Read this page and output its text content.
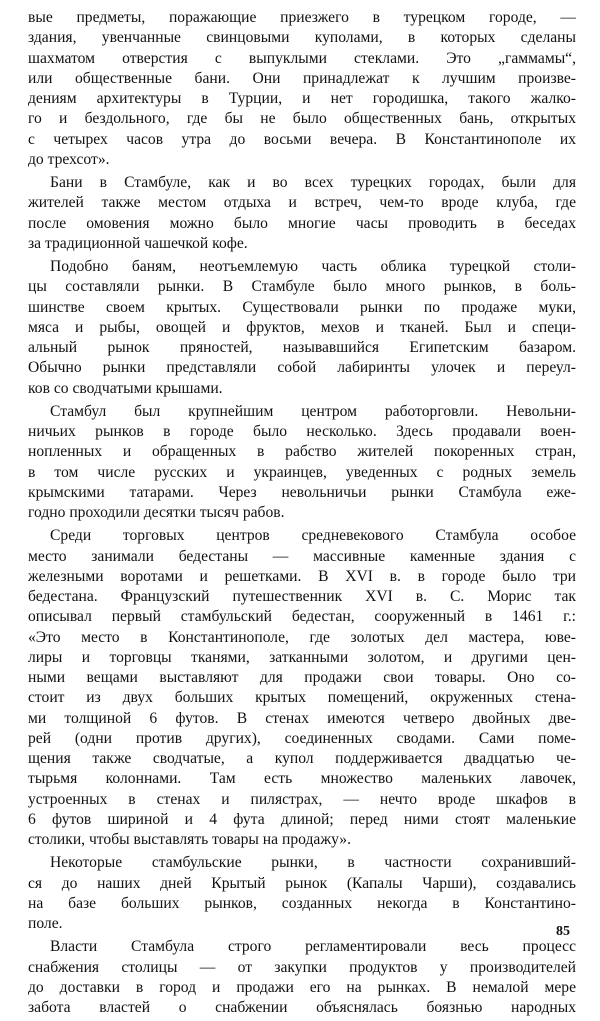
вые предметы, поражающие приезжего в турецком городе, —
здания, увенчанные свинцовыми куполами, в которых сделаны
шахматом отверстия с выпуклыми стеклами. Это „гаммамы“,
или общественные бани. Они принадлежат к лучшим произве-
дениям архитектуры в Турции, и нет городишка, такого жалко-
го и бездольного, где бы не было общественных бань, открытых
с четырех часов утра до восьми вечера. В Константинополе их
до трехсот».
Бани в Стамбуле, как и во всех турецких городах, были для
жителей также местом отдыха и встреч, чем-то вроде клуба, где
после омовения можно было многие часы проводить в беседах
за традиционной чашечкой кофе.
Подобно баням, неотъемлемую часть облика турецкой столи-
цы составляли рынки. В Стамбуле было много рынков, в боль-
шинстве своем крытых. Существовали рынки по продаже муки,
мяса и рыбы, овощей и фруктов, мехов и тканей. Был и специ-
альный рынок пряностей, называвшийся Египетским базаром.
Обычно рынки представляли собой лабиринты улочек и переул-
ков со сводчатыми крышами.
Стамбул был крупнейшим центром работорговли. Невольни-
ничьих рынков в городе было несколько. Здесь продавали воен-
нопленных и обращенных в рабство жителей покоренных стран,
в том числе русских и украинцев, уведенных с родных земель
крымскими татарами. Через невольничьи рынки Стамбула еже-
годно проходили десятки тысяч рабов.
Среди торговых центров средневекового Стамбула особое
место занимали бедестаны — массивные каменные здания с
железными воротами и решетками. В XVI в. в городе было три
бедестана. Французский путешественник XVI в. С. Морис так
описывал первый стамбульский бедестан, сооруженный в 1461 г.:
«Это место в Константинополе, где золотых дел мастера, юве-
лиры и торговцы тканями, затканными золотом, и другими цен-
ными вещами выставляют для продажи свои товары. Оно со-
стоит из двух больших крытых помещений, окруженных стена-
ми толщиной 6 футов. В стенах имеются четверо двойных две-
рей (одни против других), соединенных сводами. Сами поме-
щения также сводчатые, а купол поддерживается двадцатью че-
тырьмя колоннами. Там есть множество маленьких лавочек,
устроенных в стенах и пилястрах, — нечто вроде шкафов в
6 футов шириной и 4 фута длиной; перед ними стоят маленькие
столики, чтобы выставлять товары на продажу».
Некоторые стамбульские рынки, в частности сохранивший-
ся до наших дней Крытый рынок (Капалы Чарши), создавались
на базе больших рынков, созданных некогда в Константино-
поле.
Власти Стамбула строго регламентировали весь процесс
снабжения столицы — от закупки продуктов у производителей
до доставки в город и продажи его на рынках. В немалой мере
забота властей о снабжении объяснялась боязнью народных
85
